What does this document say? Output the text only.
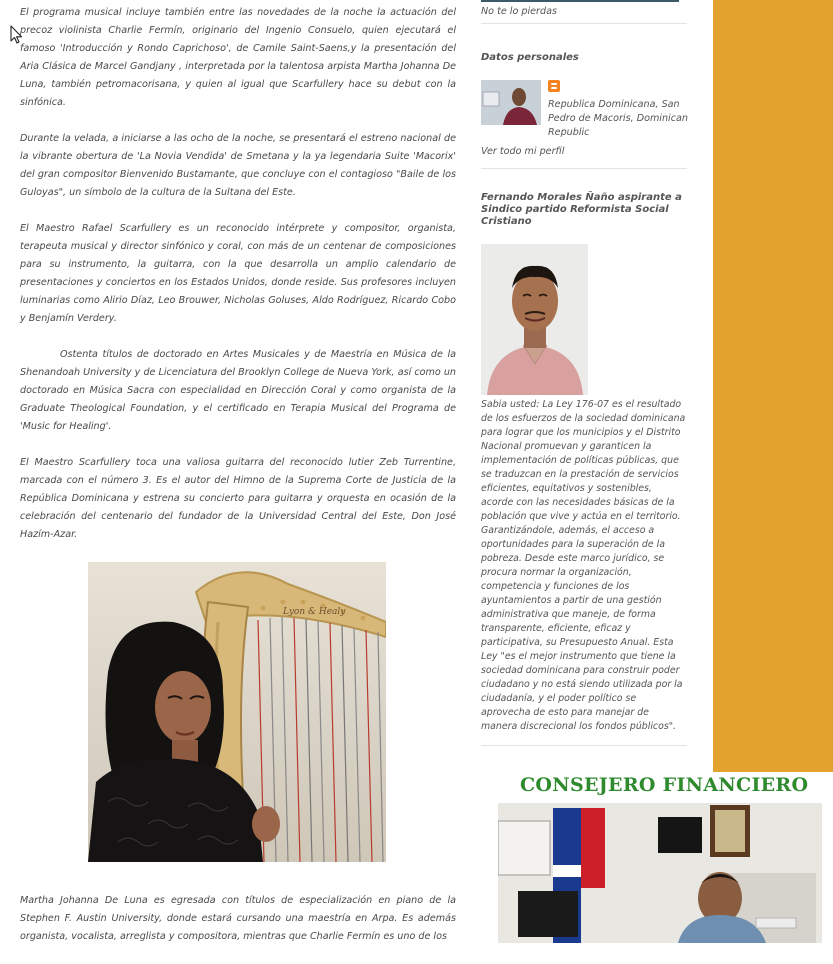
El programa musical incluye también entre las novedades de la noche la actuación del precoz violinista Charlie Fermín, originario del Ingenio Consuelo, quien ejecutará el famoso 'Introducción y Rondo Caprichoso', de Camile Saint-Saens,y la presentación del Aria Clásica de Marcel Gandjany , interpretada por la talentosa arpista Martha Johanna De Luna, también petromacorisana, y quien al igual que Scarfullery hace su debut con la sinfónica.

Durante la velada, a iniciarse a las ocho de la noche, se presentará el estreno nacional de la vibrante obertura de 'La Novia Vendida' de Smetana y la ya legendaria Suite 'Macorix' del gran compositor Bienvenido Bustamante, que concluye con el contagioso "Baile de los Guloyas", un símbolo de la cultura de la Sultana del Este.

El Maestro Rafael Scarfullery es un reconocido intérprete y compositor, organista, terapeuta musical y director sinfónico y coral, con más de un centenar de composiciones para su instrumento, la guitarra, con la que desarrolla un amplio calendario de presentaciones y conciertos en los Estados Unidos, donde reside. Sus profesores incluyen luminarias como Alirio Díaz, Leo Brouwer, Nicholas Goluses, Aldo Rodríguez, Ricardo Cobo y Benjamín Verdery.

Ostenta títulos de doctorado en Artes Musicales y de Maestría en Música de la Shenandoah University y de Licenciatura del Brooklyn College de Nueva York, así como un doctorado en Música Sacra con especialidad en Dirección Coral y como organista de la Graduate Theological Foundation, y el certificado en Terapia Musical del Programa de 'Music for Healing'.

El Maestro Scarfullery toca una valiosa guitarra del reconocido lutier Zeb Turrentine, marcada con el número 3. Es el autor del Himno de la Suprema Corte de Justicia de la República Dominicana y estrena su concierto para guitarra y orquesta en ocasión de la celebración del centenario del fundador de la Universidad Central del Este, Don José Hazím-Azar.

Lyon & Healy

Martha Johanna De Luna es egresada con títulos de especialización en piano de la Stephen F. Austin University, donde estará cursando una maestría en Arpa. Es además organista, vocalista, arreglista y compositora, mientras que Charlie Fermín es uno de los

No te lo pierdas
Datos personales
Republica Dominicana, San Pedro de Macoris, Dominican Republic
Ver todo mi perfil
Fernando Morales Ñaño aspirante a Sindico partido Reformista Social Cristiano
Sabia usted: La Ley 176-07 es el resultado de los esfuerzos de la sociedad dominicana para lograr que los municipios y el Distrito Nacional promuevan y garanticen la implementación de políticas públicas, que se traduzcan en la prestación de servicios eficientes, equitativos y sostenibles, acorde con las necesidades básicas de la población que vive y actúa en el territorio. Garantizándole, además, el acceso a oportunidades para la superación de la pobreza. Desde este marco jurídico, se procura normar la organización, competencia y funciones de los ayuntamientos a partir de una gestión administrativa que maneje, de forma transparente, eficiente, eficaz y participativa, su Presupuesto Anual. Esta Ley "es el mejor instrumento que tiene la sociedad dominicana para construir poder ciudadano y no está siendo utilizada por la ciudadanía, y el poder político se aprovecha de esto para manejar de manera discrecional los fondos públicos".
CONSEJERO FINANCIERO
